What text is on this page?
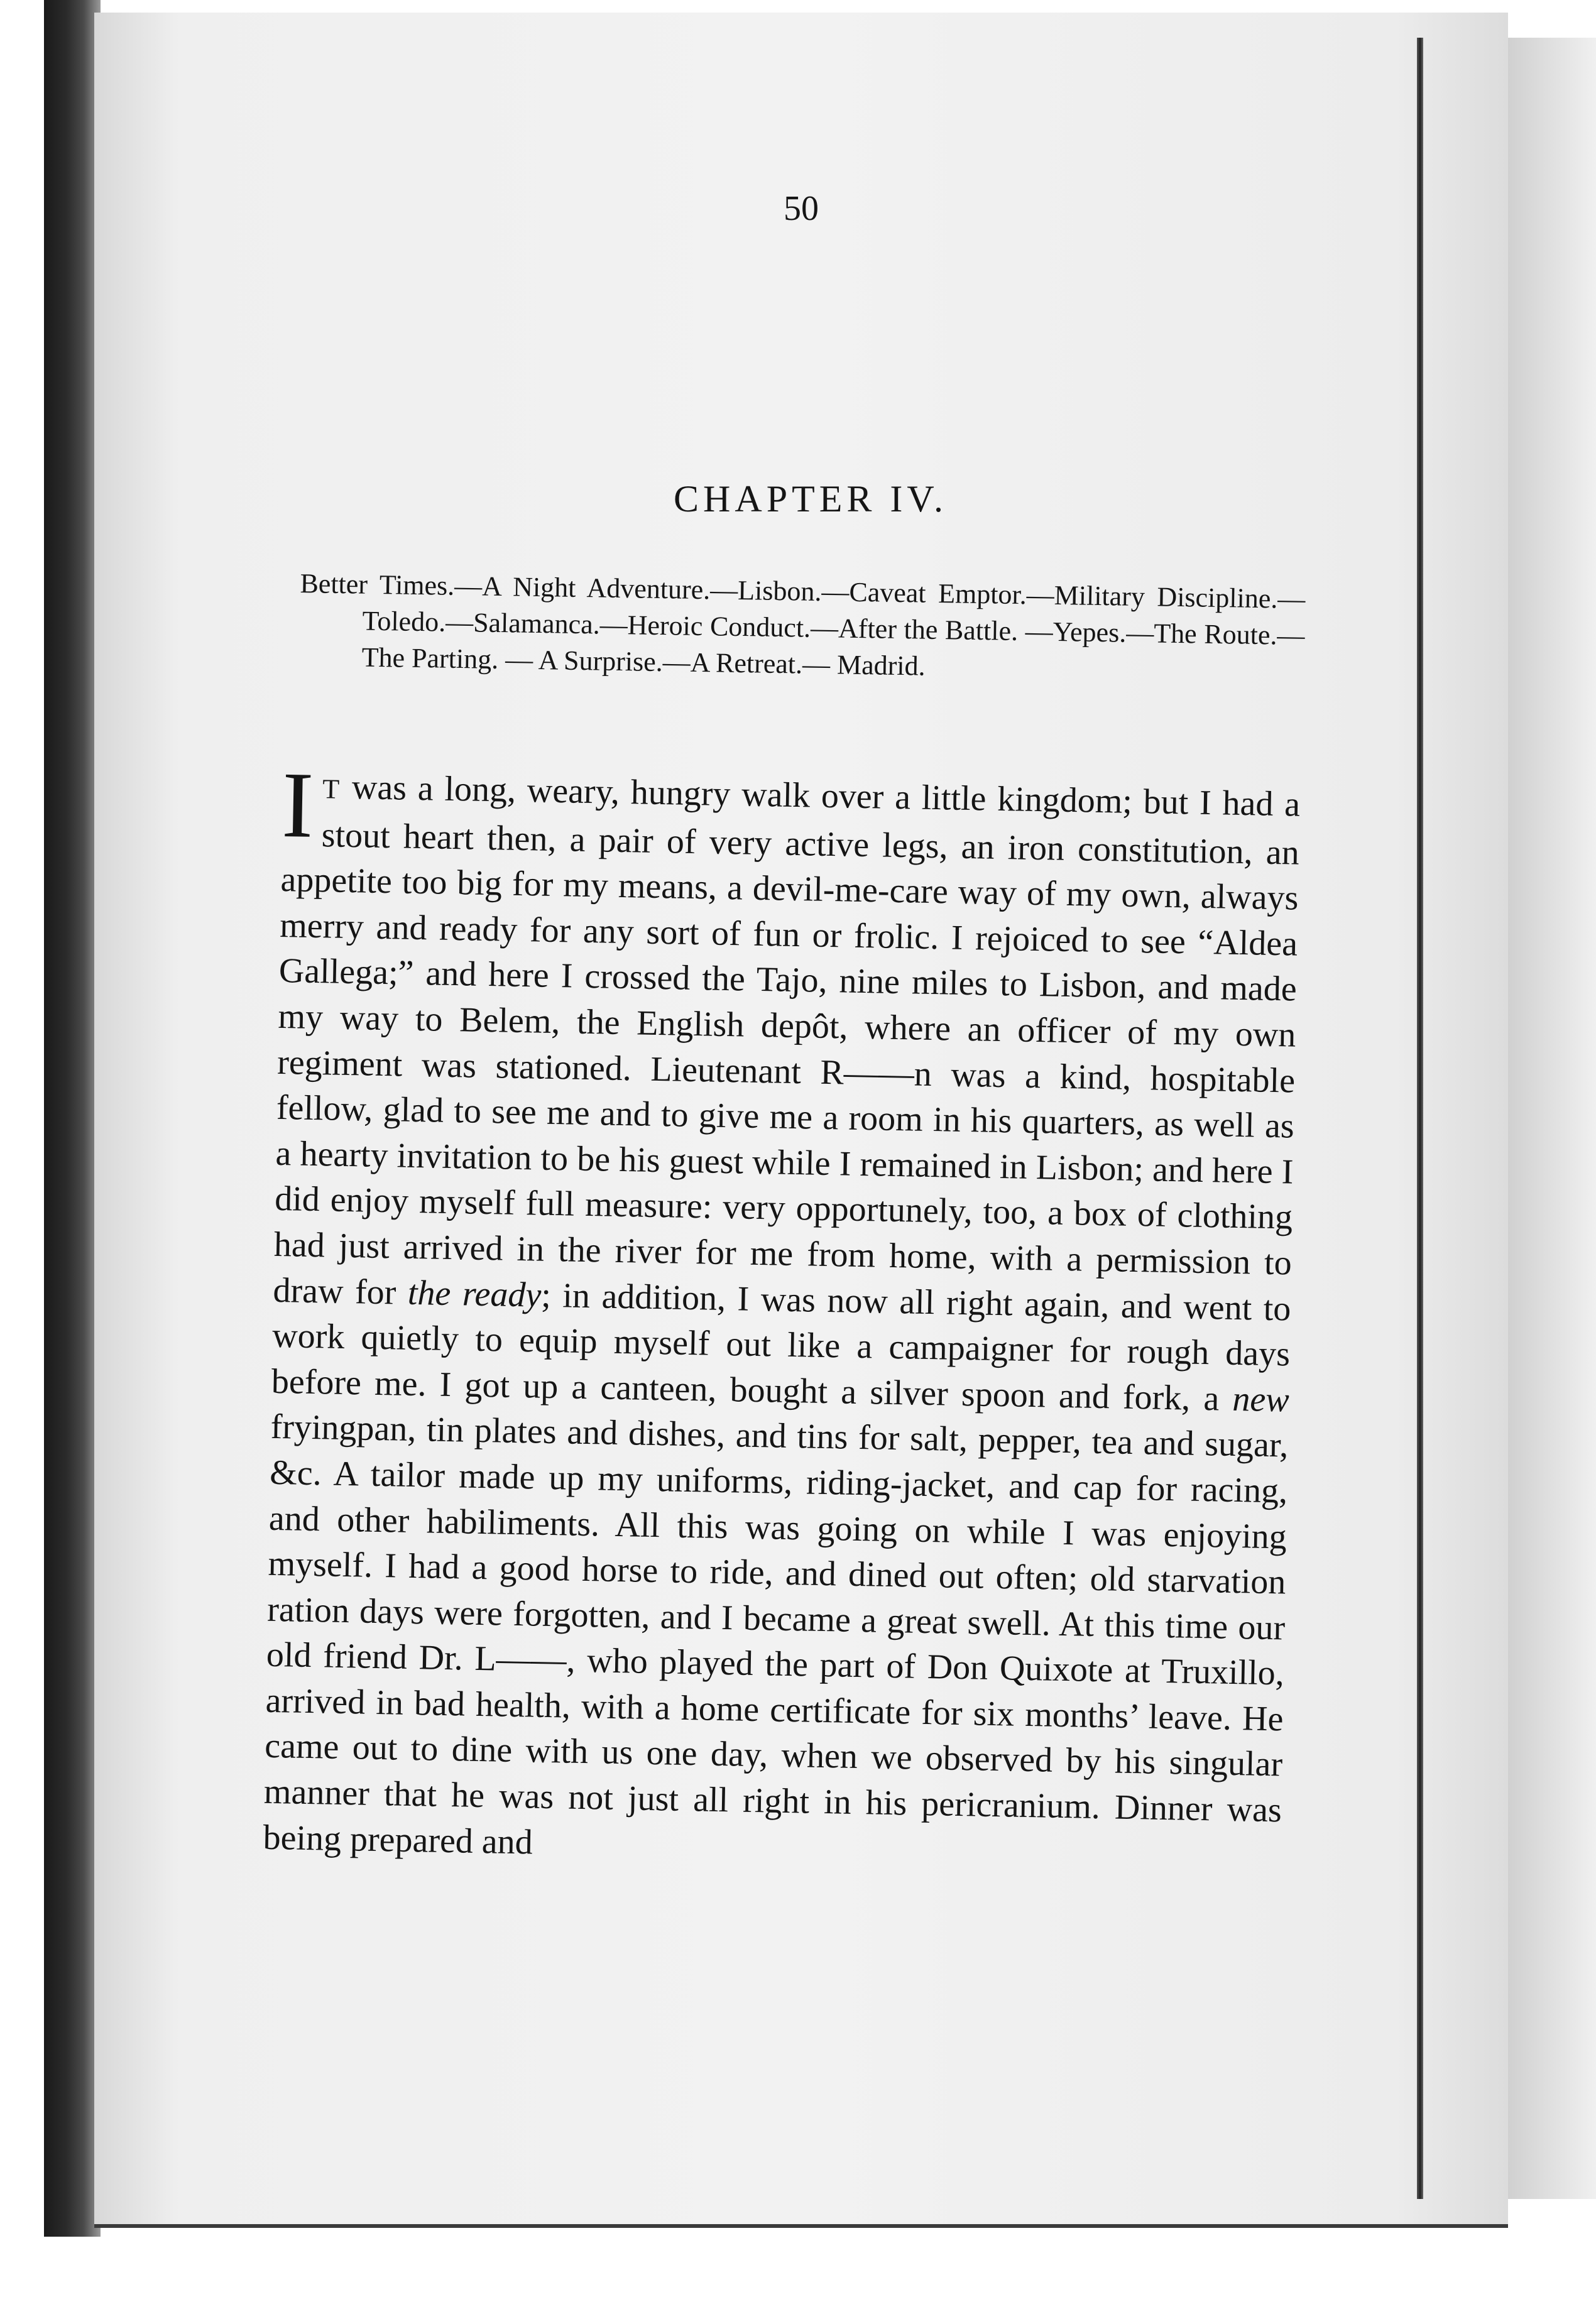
50
CHAPTER IV.

Better Times.—A Night Adventure.—Lisbon.—Caveat Emptor.—Military Discipline.—Toledo.—Salamanca.—Heroic Conduct.—After the Battle. —Yepes.—The Route.— The Parting. — A Surprise.—A Retreat.— Madrid.

I T was a long, weary, hungry walk over a little kingdom; but I had a stout heart then, a pair of very active legs, an iron constitution, an appetite too big for my means, a devil-me-care way of my own, always merry and ready for any sort of fun or frolic. I rejoiced to see “Aldea Gallega;” and here I crossed the Tajo, nine miles to Lisbon, and made my way to Belem, the English depôt, where an officer of my own regiment was stationed. Lieutenant R——n was a kind, hospitable fellow, glad to see me and to give me a room in his quarters, as well as a hearty invitation to be his guest while I remained in Lisbon; and here I did enjoy myself full measure: very opportunely, too, a box of clothing had just arrived in the river for me from home, with a permission to draw for the ready; in addition, I was now all right again, and went to work quietly to equip myself out like a campaigner for rough days before me. I got up a canteen, bought a silver spoon and fork, a new fryingpan, tin plates and dishes, and tins for salt, pepper, tea and sugar, &c. A tailor made up my uniforms, riding-jacket, and cap for racing, and other habiliments. All this was going on while I was enjoying myself. I had a good horse to ride, and dined out often; old starvation ration days were forgotten, and I became a great swell. At this time our old friend Dr. L——, who played the part of Don Quixote at Truxillo, arrived in bad health, with a home certificate for six months’ leave. He came out to dine with us one day, when we observed by his singular manner that he was not just all right in his pericranium. Dinner was being prepared and
